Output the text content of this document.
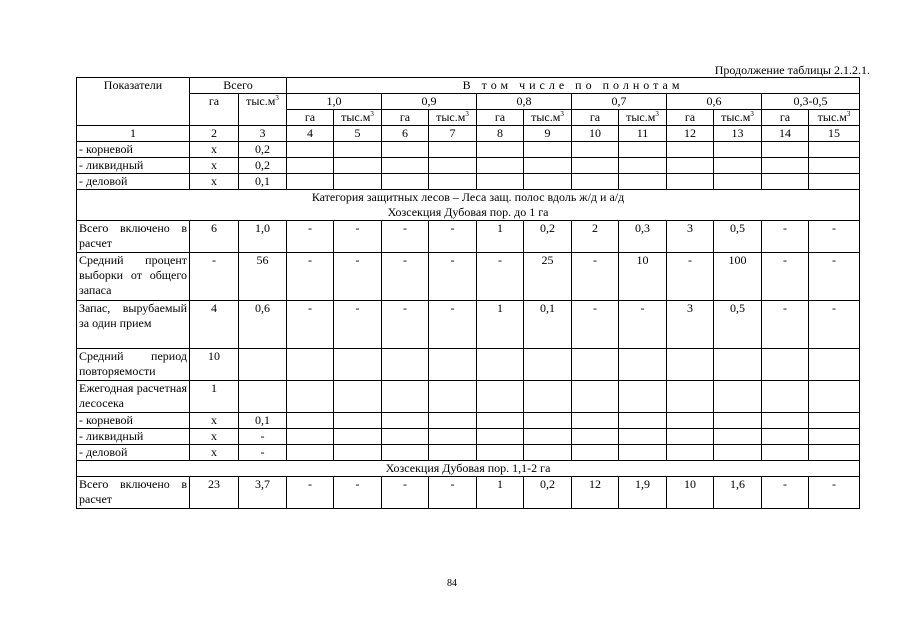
Продолжение таблицы 2.1.2.1.
Показатели	Всего		В том числе по полнотам											
	га	$тыс.м^3$	1,0		0,9		0,8		0,7		0,6		0,3-0,5	
			га	$тыс.м^3$	га	$тыс.м^3$	га	$тыс.м^3$	га	$тыс.м^3$	га	$тыс.м^3$	га	$тыс.м^3$
1	2	3	4	5	6	7	8	9	10	11	12	13	14	15
- корневой	х	0,2												
- ликвидный	х	0,2												
- деловой	х	0,1												

Категория защитных лесов – Леса защ. полос вдоль ж/д и а/д
Хозсекция Дубовая пор. до 1 га														

Всего включено в расчет	6	1,0	-	-	-	-	1	0,2	2	0,3	3	0,5	-	-
Средний процент выборки от общего запаса	-	56	-	-	-	-	-	25	-	10	-	100	-	-
Запас, вырубаемый за один прием	4	0,6	-	-	-	-	1	0,1	-	-	3	0,5	-	-
Средний период повторяемости	10													
Ежегодная расчетная лесосека	1													
- корневой	х	0,1												
- ликвидный	х	-												
- деловой	х	-												
Хозсекция Дубовая пор. 1,1-2 га														
Всего включено в расчет	23	3,7	-	-	-	-	1	0,2	12	1,9	10	1,6	-	-
84
